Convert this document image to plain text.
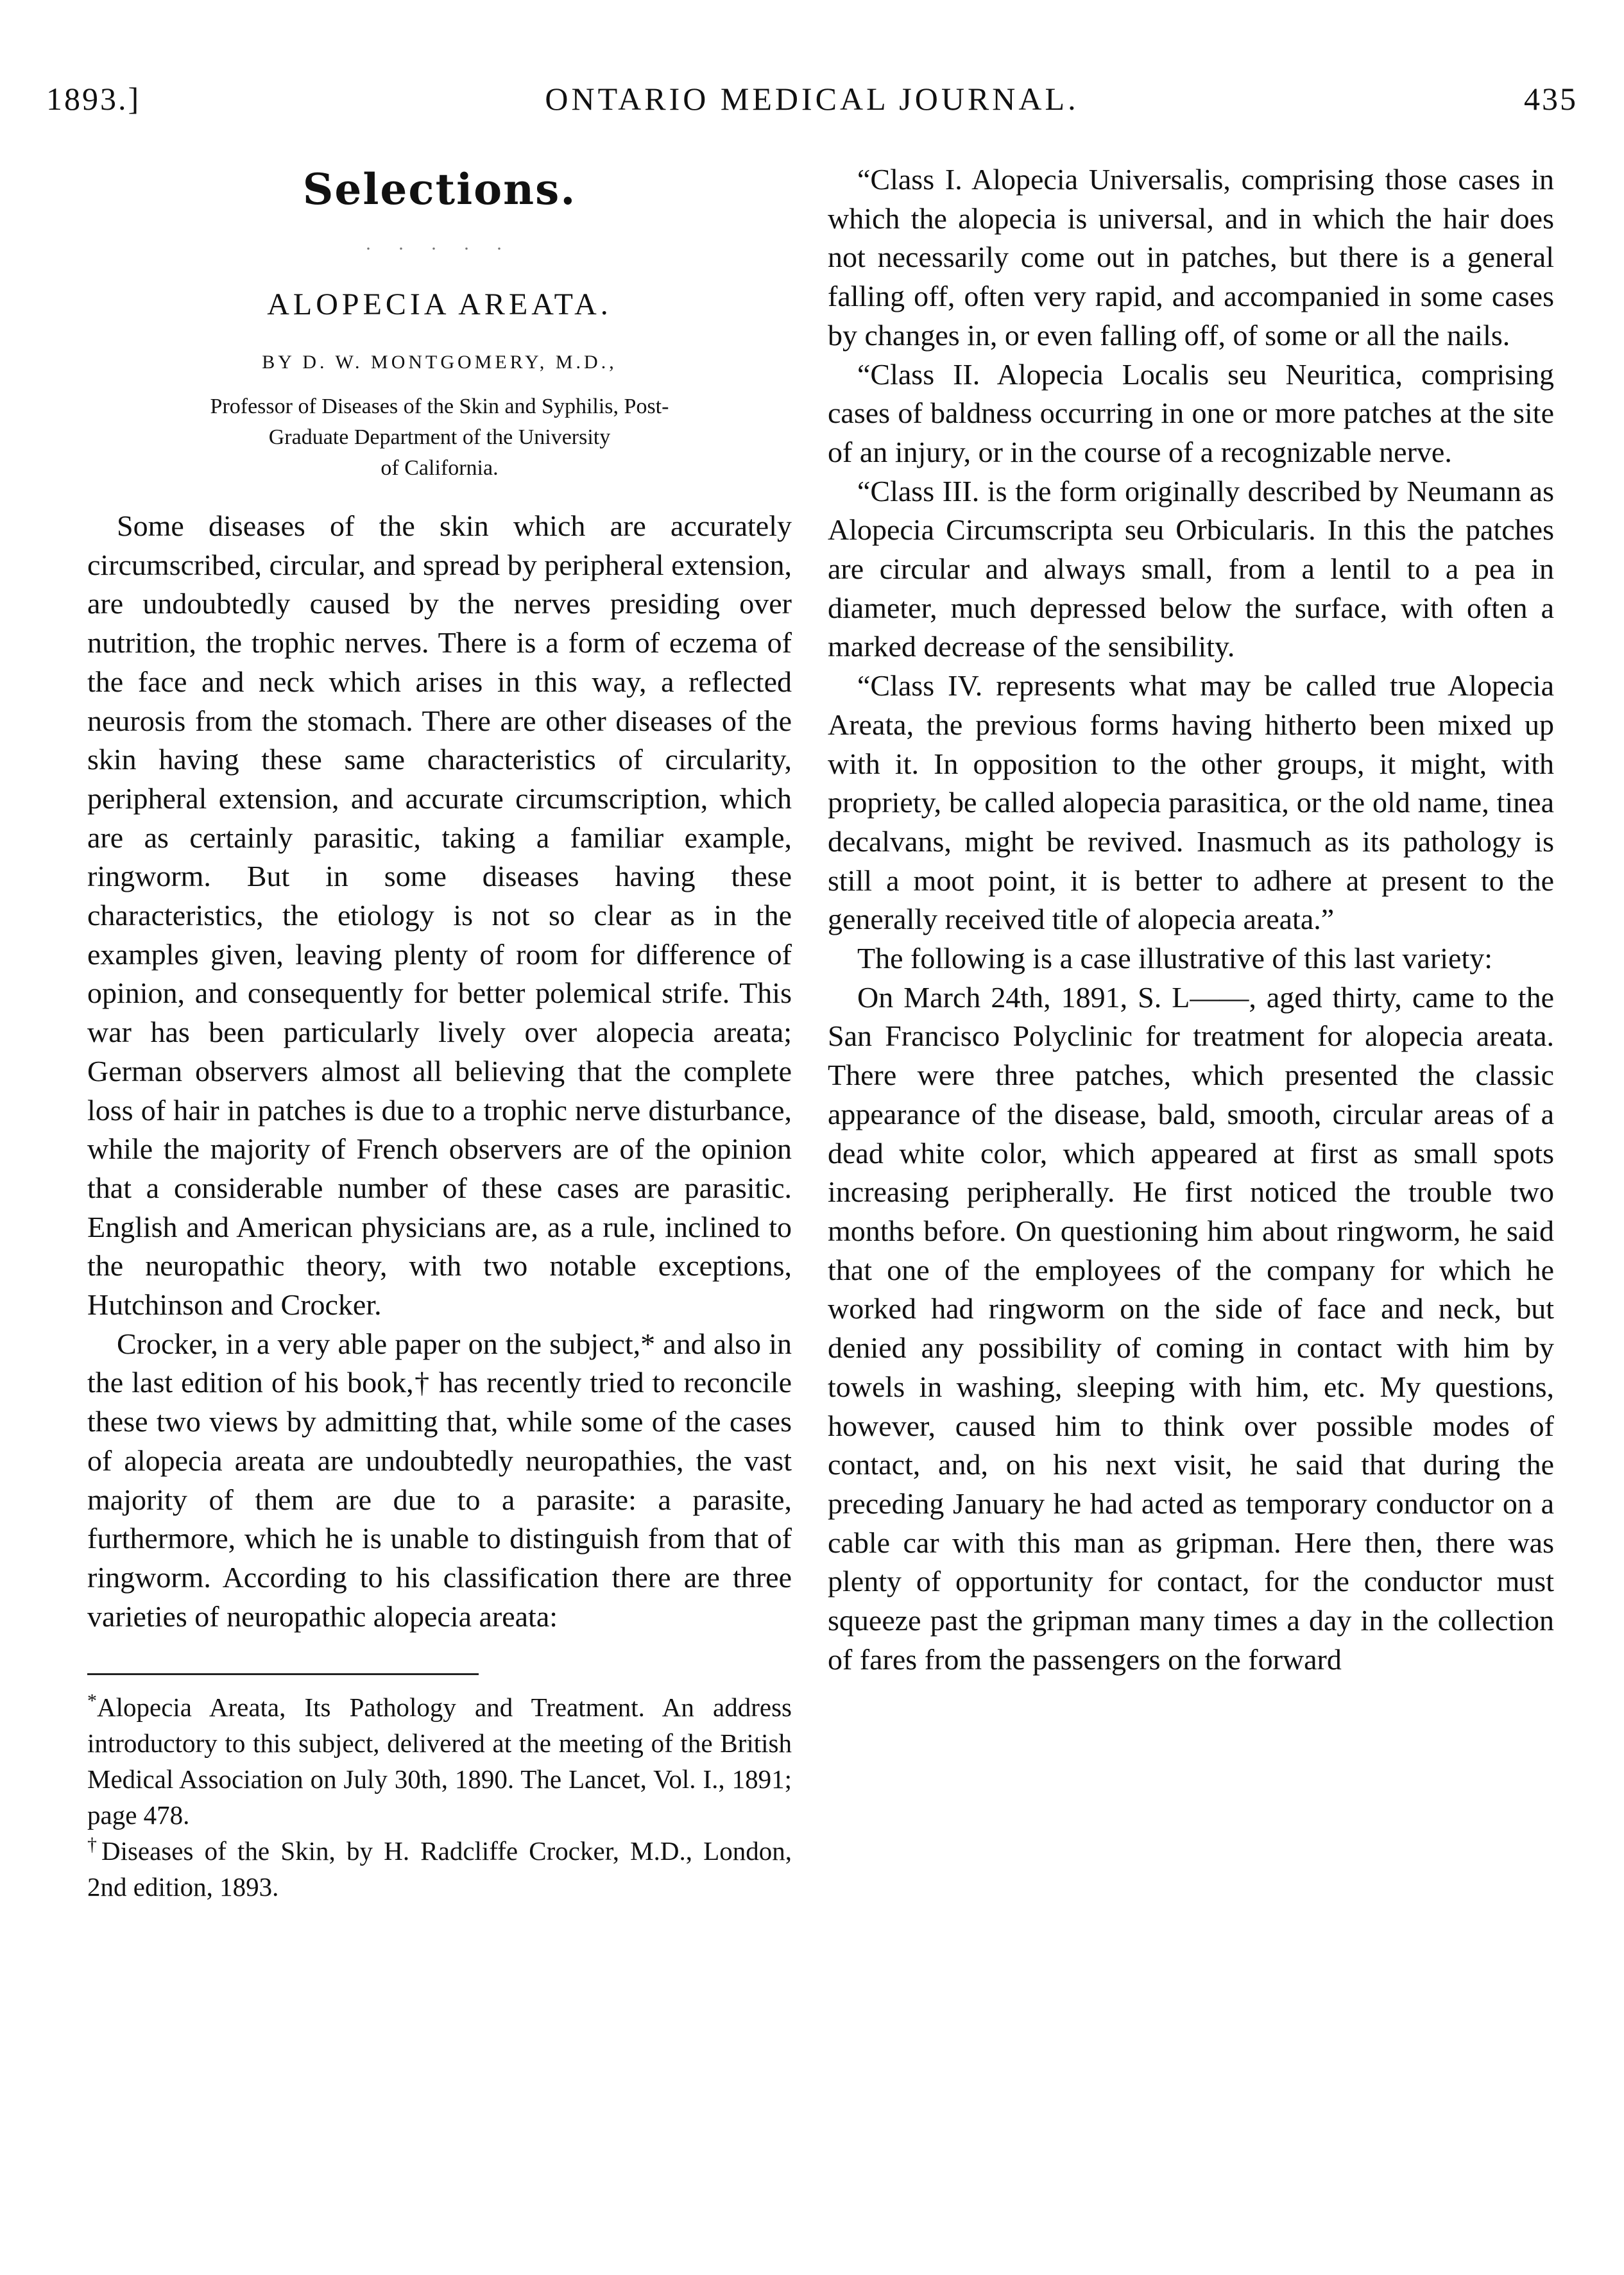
1893.]	ONTARIO MEDICAL JOURNAL.	435
Selections.
. . . . .
ALOPECIA AREATA.
BY D. W. MONTGOMERY, M.D.,
Professor of Diseases of the Skin and Syphilis, Post-
Graduate Department of the University
of California.

Some diseases of the skin which are accurately circumscribed, circular, and spread by peripheral extension, are undoubtedly caused by the nerves presiding over nutrition, the trophic nerves. There is a form of eczema of the face and neck which arises in this way, a reflected neurosis from the stomach. There are other diseases of the skin having these same characteristics of circularity, peripheral extension, and accurate circumscription, which are as certainly parasitic, taking a familiar example, ringworm. But in some diseases having these characteristics, the etiology is not so clear as in the examples given, leaving plenty of room for difference of opinion, and consequently for better polemical strife. This war has been particularly lively over alopecia areata; German observers almost all believing that the complete loss of hair in patches is due to a trophic nerve disturbance, while the majority of French observers are of the opinion that a considerable number of these cases are parasitic. English and American physicians are, as a rule, inclined to the neuropathic theory, with two notable exceptions, Hutchinson and Crocker.

Crocker, in a very able paper on the subject,* and also in the last edition of his book,† has recently tried to reconcile these two views by admitting that, while some of the cases of alopecia areata are undoubtedly neuropathies, the vast majority of them are due to a parasite: a parasite, furthermore, which he is unable to distinguish from that of ringworm. According to his classification there are three varieties of neuropathic alopecia areata:

*Alopecia Areata, Its Pathology and Treatment. An address introductory to this subject, delivered at the meeting of the British Medical Association on July 30th, 1890. The Lancet, Vol. I., 1891; page 478.

†Diseases of the Skin, by H. Radcliffe Crocker, M.D., London, 2nd edition, 1893.

“Class I. Alopecia Universalis, comprising those cases in which the alopecia is universal, and in which the hair does not necessarily come out in patches, but there is a general falling off, often very rapid, and accompanied in some cases by changes in, or even falling off, of some or all the nails.

“Class II. Alopecia Localis seu Neuritica, comprising cases of baldness occurring in one or more patches at the site of an injury, or in the course of a recognizable nerve.

“Class III. is the form originally described by Neumann as Alopecia Circumscripta seu Orbicularis. In this the patches are circular and always small, from a lentil to a pea in diameter, much depressed below the surface, with often a marked decrease of the sensibility.

“Class IV. represents what may be called true Alopecia Areata, the previous forms having hitherto been mixed up with it. In opposition to the other groups, it might, with propriety, be called alopecia parasitica, or the old name, tinea decalvans, might be revived. Inasmuch as its pathology is still a moot point, it is better to adhere at present to the generally received title of alopecia areata.”

The following is a case illustrative of this last variety:

On March 24th, 1891, S. L——, aged thirty, came to the San Francisco Polyclinic for treatment for alopecia areata. There were three patches, which presented the classic appearance of the disease, bald, smooth, circular areas of a dead white color, which appeared at first as small spots increasing peripherally. He first noticed the trouble two months before. On questioning him about ringworm, he said that one of the employees of the company for which he worked had ringworm on the side of face and neck, but denied any possibility of coming in contact with him by towels in washing, sleeping with him, etc. My questions, however, caused him to think over possible modes of contact, and, on his next visit, he said that during the preceding January he had acted as temporary conductor on a cable car with this man as gripman. Here then, there was plenty of opportunity for contact, for the conductor must squeeze past the gripman many times a day in the collection of fares from the passengers on the forward
